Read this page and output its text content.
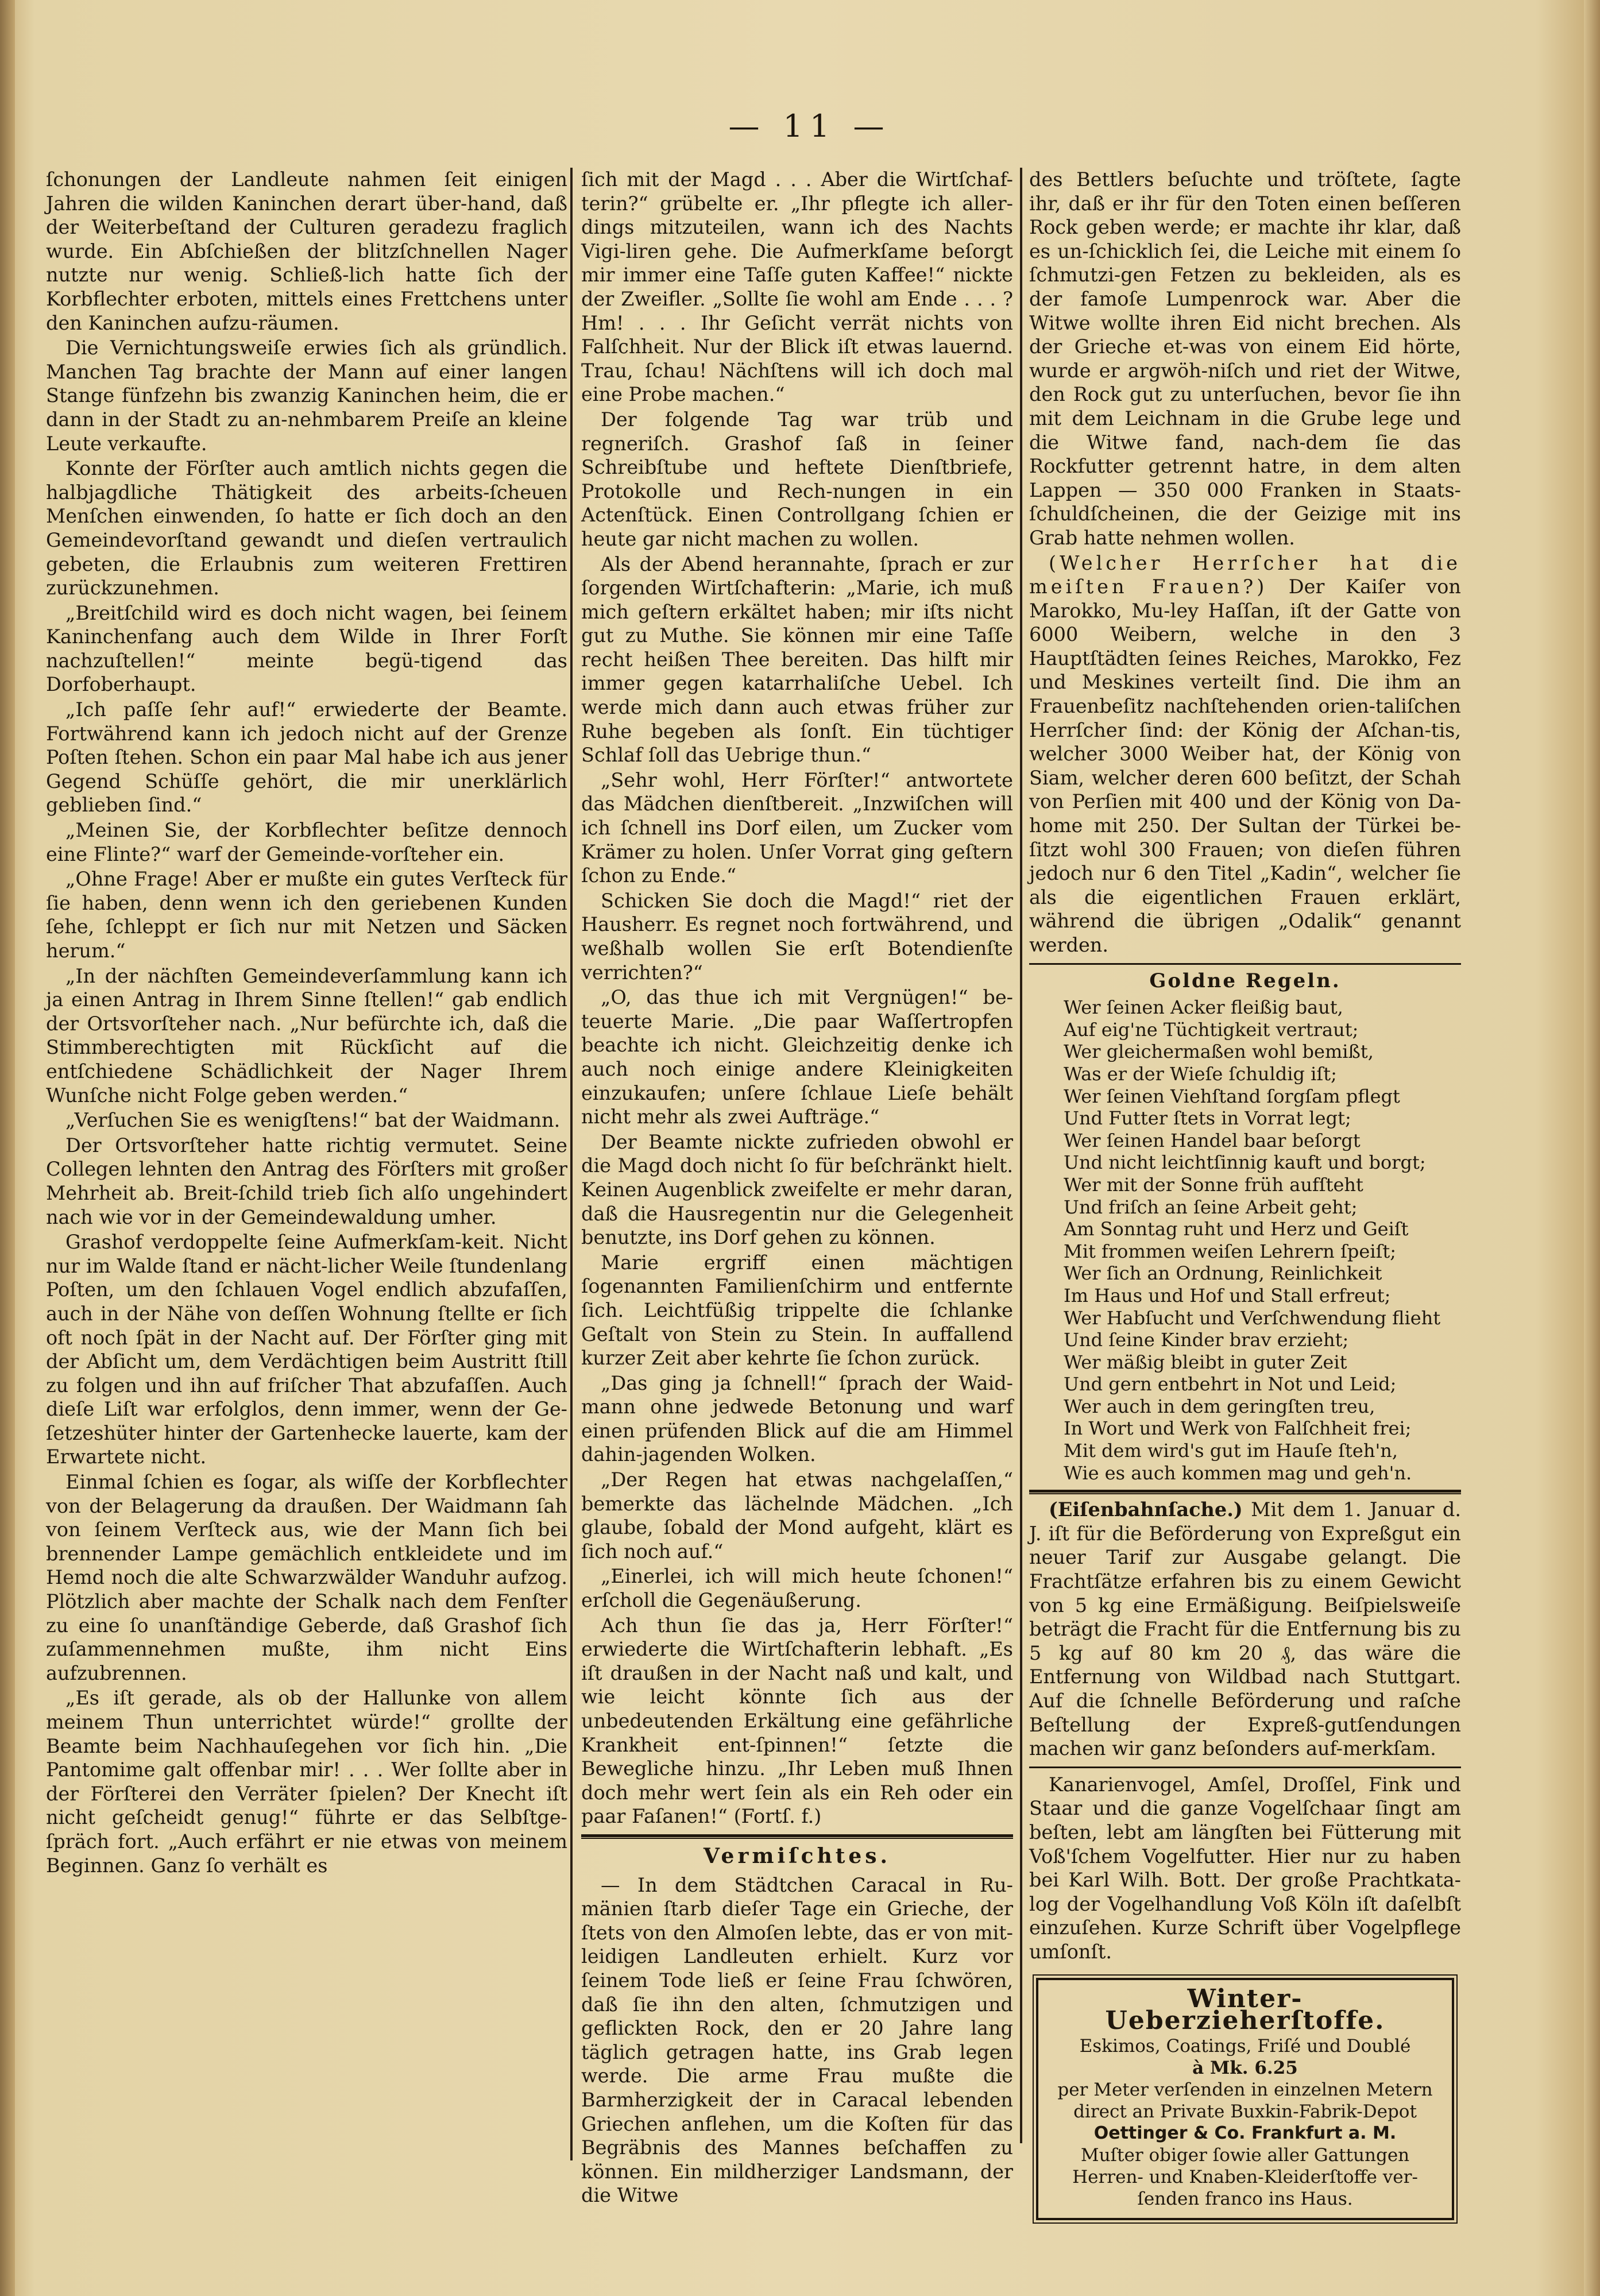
— 11 —

ſchonungen der Landleute nahmen ſeit einigen Jahren die wilden Kaninchen derart über-hand, daß der Weiterbeſtand der Culturen geradezu fraglich wurde. Ein Abſchießen der blitzſchnellen Nager nutzte nur wenig. Schließ-lich hatte ſich der Korbflechter erboten, mittels eines Frettchens unter den Kaninchen aufzu-räumen.

Die Vernichtungsweiſe erwies ſich als gründlich. Manchen Tag brachte der Mann auf einer langen Stange fünfzehn bis zwanzig Kaninchen heim, die er dann in der Stadt zu an-nehmbarem Preiſe an kleine Leute verkaufte.

Konnte der Förſter auch amtlich nichts gegen die halbjagdliche Thätigkeit des arbeits-ſcheuen Menſchen einwenden, ſo hatte er ſich doch an den Gemeindevorſtand gewandt und dieſen vertraulich gebeten, die Erlaubnis zum weiteren Frettiren zurückzunehmen.

„Breitſchild wird es doch nicht wagen, bei ſeinem Kaninchenfang auch dem Wilde in Ihrer Forſt nachzuſtellen!“ meinte begü-tigend das Dorfoberhaupt.

„Ich paſſe ſehr auf!“ erwiederte der Beamte. Fortwährend kann ich jedoch nicht auf der Grenze Poſten ſtehen. Schon ein paar Mal habe ich aus jener Gegend Schüſſe gehört, die mir unerklärlich geblieben ſind.“

„Meinen Sie, der Korbflechter beſitze dennoch eine Flinte?“ warf der Gemeinde-vorſteher ein.

„Ohne Frage! Aber er mußte ein gutes Verſteck für ſie haben, denn wenn ich den geriebenen Kunden ſehe, ſchleppt er ſich nur mit Netzen und Säcken herum.“

„In der nächſten Gemeindeverſammlung kann ich ja einen Antrag in Ihrem Sinne ſtellen!“ gab endlich der Ortsvorſteher nach. „Nur befürchte ich, daß die Stimmberechtigten mit Rückſicht auf die entſchiedene Schädlichkeit der Nager Ihrem Wunſche nicht Folge geben werden.“

„Verſuchen Sie es wenigſtens!“ bat der Waidmann.

Der Ortsvorſteher hatte richtig vermutet. Seine Collegen lehnten den Antrag des Förſters mit großer Mehrheit ab. Breit-ſchild trieb ſich alſo ungehindert nach wie vor in der Gemeindewaldung umher.

Grashof verdoppelte ſeine Aufmerkſam-keit. Nicht nur im Walde ſtand er nächt-licher Weile ſtundenlang Poſten, um den ſchlauen Vogel endlich abzufaſſen, auch in der Nähe von deſſen Wohnung ſtellte er ſich oft noch ſpät in der Nacht auf. Der Förſter ging mit der Abſicht um, dem Verdächtigen beim Austritt ſtill zu folgen und ihn auf friſcher That abzufaſſen. Auch dieſe Liſt war erfolglos, denn immer, wenn der Ge-ſetzeshüter hinter der Gartenhecke lauerte, kam der Erwartete nicht.

Einmal ſchien es ſogar, als wiſſe der Korbflechter von der Belagerung da draußen. Der Waidmann ſah von ſeinem Verſteck aus, wie der Mann ſich bei brennender Lampe gemächlich entkleidete und im Hemd noch die alte Schwarzwälder Wanduhr aufzog. Plötzlich aber machte der Schalk nach dem Fenſter zu eine ſo unanſtändige Geberde, daß Grashof ſich zuſammennehmen mußte, ihm nicht Eins aufzubrennen.

„Es iſt gerade, als ob der Hallunke von allem meinem Thun unterrichtet würde!“ grollte der Beamte beim Nachhauſegehen vor ſich hin. „Die Pantomime galt offenbar mir! . . . Wer ſollte aber in der Förſterei den Verräter ſpielen? Der Knecht iſt nicht geſcheidt genug!“ führte er das Selbſtge-ſpräch fort. „Auch erfährt er nie etwas von meinem Beginnen. Ganz ſo verhält es

ſich mit der Magd . . . Aber die Wirtſchaf-terin?“ grübelte er. „Ihr pflegte ich aller-dings mitzuteilen, wann ich des Nachts Vigi-liren gehe. Die Aufmerkſame beſorgt mir immer eine Taſſe guten Kaffee!“ nickte der Zweifler. „Sollte ſie wohl am Ende . . . ? Hm! . . . Ihr Geſicht verrät nichts von Falſchheit. Nur der Blick iſt etwas lauernd. Trau, ſchau! Nächſtens will ich doch mal eine Probe machen.“

Der folgende Tag war trüb und regneriſch. Grashof ſaß in ſeiner Schreibſtube und heftete Dienſtbriefe, Protokolle und Rech-nungen in ein Actenſtück. Einen Controllgang ſchien er heute gar nicht machen zu wollen.

Als der Abend herannahte, ſprach er zur ſorgenden Wirtſchafterin: „Marie, ich muß mich geſtern erkältet haben; mir iſts nicht gut zu Muthe. Sie können mir eine Taſſe recht heißen Thee bereiten. Das hilft mir immer gegen katarrhaliſche Uebel. Ich werde mich dann auch etwas früher zur Ruhe begeben als ſonſt. Ein tüchtiger Schlaf ſoll das Uebrige thun.“

„Sehr wohl, Herr Förſter!“ antwortete das Mädchen dienſtbereit. „Inzwiſchen will ich ſchnell ins Dorf eilen, um Zucker vom Krämer zu holen. Unſer Vorrat ging geſtern ſchon zu Ende.“

Schicken Sie doch die Magd!“ riet der Hausherr. Es regnet noch fortwährend, und weßhalb wollen Sie erſt Botendienſte verrichten?“

„O, das thue ich mit Vergnügen!“ be-teuerte Marie. „Die paar Waſſertropfen beachte ich nicht. Gleichzeitig denke ich auch noch einige andere Kleinigkeiten einzukaufen; unſere ſchlaue Lieſe behält nicht mehr als zwei Aufträge.“

Der Beamte nickte zufrieden obwohl er die Magd doch nicht ſo für beſchränkt hielt. Keinen Augenblick zweifelte er mehr daran, daß die Hausregentin nur die Gelegenheit benutzte, ins Dorf gehen zu können.

Marie ergriff einen mächtigen ſogenannten Familienſchirm und entfernte ſich. Leichtfüßig trippelte die ſchlanke Geſtalt von Stein zu Stein. In auffallend kurzer Zeit aber kehrte ſie ſchon zurück.

„Das ging ja ſchnell!“ ſprach der Waid-mann ohne jedwede Betonung und warf einen prüfenden Blick auf die am Himmel dahin-jagenden Wolken.

„Der Regen hat etwas nachgelaſſen,“ bemerkte das lächelnde Mädchen. „Ich glaube, ſobald der Mond aufgeht, klärt es ſich noch auf.“

„Einerlei, ich will mich heute ſchonen!“ erſcholl die Gegenäußerung.

Ach thun ſie das ja, Herr Förſter!“ erwiederte die Wirtſchafterin lebhaft. „Es iſt draußen in der Nacht naß und kalt, und wie leicht könnte ſich aus der unbedeutenden Erkältung eine gefährliche Krankheit ent-ſpinnen!“ ſetzte die Bewegliche hinzu. „Ihr Leben muß Ihnen doch mehr wert ſein als ein Reh oder ein paar Faſanen!“ (Fortſ. f.)

Vermiſchtes.

— In dem Städtchen Caracal in Ru-mänien ſtarb dieſer Tage ein Grieche, der ſtets von den Almoſen lebte, das er von mit-leidigen Landleuten erhielt. Kurz vor ſeinem Tode ließ er ſeine Frau ſchwören, daß ſie ihn den alten, ſchmutzigen und geflickten Rock, den er 20 Jahre lang täglich getragen hatte, ins Grab legen werde. Die arme Frau mußte die Barmherzigkeit der in Caracal lebenden Griechen anflehen, um die Koſten für das Begräbnis des Mannes beſchaffen zu können. Ein mildherziger Landsmann, der die Witwe

des Bettlers beſuchte und tröſtete, ſagte ihr, daß er ihr für den Toten einen beſſeren Rock geben werde; er machte ihr klar, daß es un-ſchicklich ſei, die Leiche mit einem ſo ſchmutzi-gen Fetzen zu bekleiden, als es der famoſe Lumpenrock war. Aber die Witwe wollte ihren Eid nicht brechen. Als der Grieche et-was von einem Eid hörte, wurde er argwöh-niſch und riet der Witwe, den Rock gut zu unterſuchen, bevor ſie ihn mit dem Leichnam in die Grube lege und die Witwe fand, nach-dem ſie das Rockfutter getrennt hatre, in dem alten Lappen — 350 000 Franken in Staats-ſchuldſcheinen, die der Geizige mit ins Grab hatte nehmen wollen.

(Welcher Herrſcher hat die meiſten Frauen?) Der Kaiſer von Marokko, Mu-ley Haſſan, iſt der Gatte von 6000 Weibern, welche in den 3 Hauptſtädten ſeines Reiches, Marokko, Fez und Meskines verteilt ſind. Die ihm an Frauenbeſitz nachſtehenden orien-taliſchen Herrſcher ſind: der König der Aſchan-tis, welcher 3000 Weiber hat, der König von Siam, welcher deren 600 beſitzt, der Schah von Perſien mit 400 und der König von Da-home mit 250. Der Sultan der Türkei be-ſitzt wohl 300 Frauen; von dieſen führen jedoch nur 6 den Titel „Kadin“, welcher ſie als die eigentlichen Frauen erklärt, während die übrigen „Odalik“ genannt werden.

Goldne Regeln.
Wer ſeinen Acker fleißig baut,
Auf eig'ne Tüchtigkeit vertraut;
Wer gleichermaßen wohl bemißt,
Was er der Wieſe ſchuldig iſt;
Wer ſeinen Viehſtand ſorgſam pflegt
Und Futter ſtets in Vorrat legt;
Wer ſeinen Handel baar beſorgt
Und nicht leichtſinnig kauft und borgt;
Wer mit der Sonne früh aufſteht
Und friſch an ſeine Arbeit geht;
Am Sonntag ruht und Herz und Geiſt
Mit frommen weiſen Lehrern ſpeiſt;
Wer ſich an Ordnung, Reinlichkeit
Im Haus und Hof und Stall erfreut;
Wer Habſucht und Verſchwendung flieht
Und ſeine Kinder brav erzieht;
Wer mäßig bleibt in guter Zeit
Und gern entbehrt in Not und Leid;
Wer auch in dem geringſten treu,
In Wort und Werk von Falſchheit frei;
Mit dem wird's gut im Hauſe ſteh'n,
Wie es auch kommen mag und geh'n.

(Eiſenbahnſache.) Mit dem 1. Januar d. J. iſt für die Beförderung von Expreßgut ein neuer Tarif zur Ausgabe gelangt. Die Frachtſätze erfahren bis zu einem Gewicht von 5 kg eine Ermäßigung. Beiſpielsweiſe beträgt die Fracht für die Entfernung bis zu 5 kg auf 80 km 20 ₰, das wäre die Entfernung von Wildbad nach Stuttgart. Auf die ſchnelle Beförderung und raſche Beſtellung der Expreß-gutſendungen machen wir ganz beſonders auf-merkſam.

Kanarienvogel, Amſel, Droſſel, Fink und Staar und die ganze Vogelſchaar ſingt am beſten, lebt am längſten bei Fütterung mit Voß'ſchem Vogelfutter. Hier nur zu haben bei Karl Wilh. Bott. Der große Prachtkata-log der Vogelhandlung Voß Köln iſt daſelbſt einzuſehen. Kurze Schrift über Vogelpflege umſonſt.

Winter-Ueberzieherſtoffe.
Eskimos, Coatings, Friſé und Doublé
à Mk. 6.25
per Meter verſenden in einzelnen Metern
direct an Private Buxkin-Fabrik-Depot
Oettinger & Co. Frankfurt a. M.
Muſter obiger ſowie aller Gattungen
Herren- und Knaben-Kleiderſtoffe ver-
ſenden franco ins Haus.
